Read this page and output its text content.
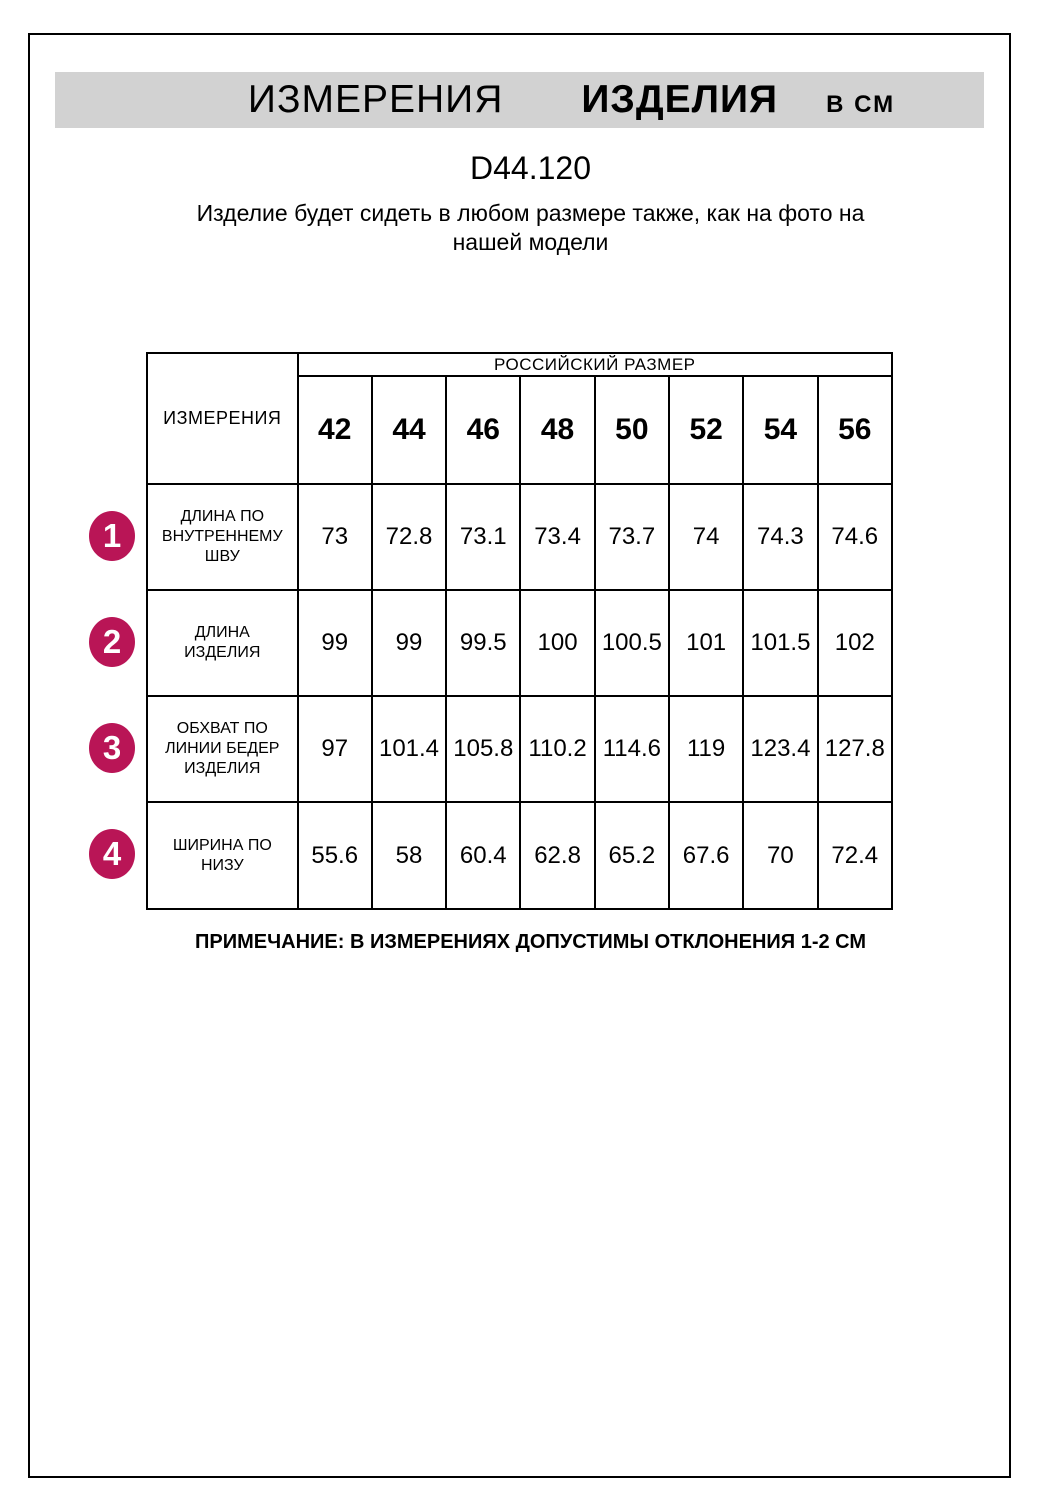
ИЗМЕРЕНИЯ ИЗДЕЛИЯ В СМ
D44.120
Изделие будет сидеть в любом размере также, как на фото на
нашей модели
ИЗМЕРЕНИЯ	РОССИЙСКИЙ РАЗМЕР							
	42	44	46	48	50	52	54	56
ДЛИНА ПО ВНУТРЕННЕМУ ШВУ	73	72.8	73.1	73.4	73.7	74	74.3	74.6
ДЛИНА ИЗДЕЛИЯ	99	99	99.5	100	100.5	101	101.5	102
ОБХВАТ ПО ЛИНИИ БЕДЕР ИЗДЕЛИЯ	97	101.4	105.8	110.2	114.6	119	123.4	127.8
ШИРИНА ПО НИЗУ	55.6	58	60.4	62.8	65.2	67.6	70	72.4
1
2
3
4
ПРИМЕЧАНИЕ: В ИЗМЕРЕНИЯХ ДОПУСТИМЫ ОТКЛОНЕНИЯ 1-2 СМ
